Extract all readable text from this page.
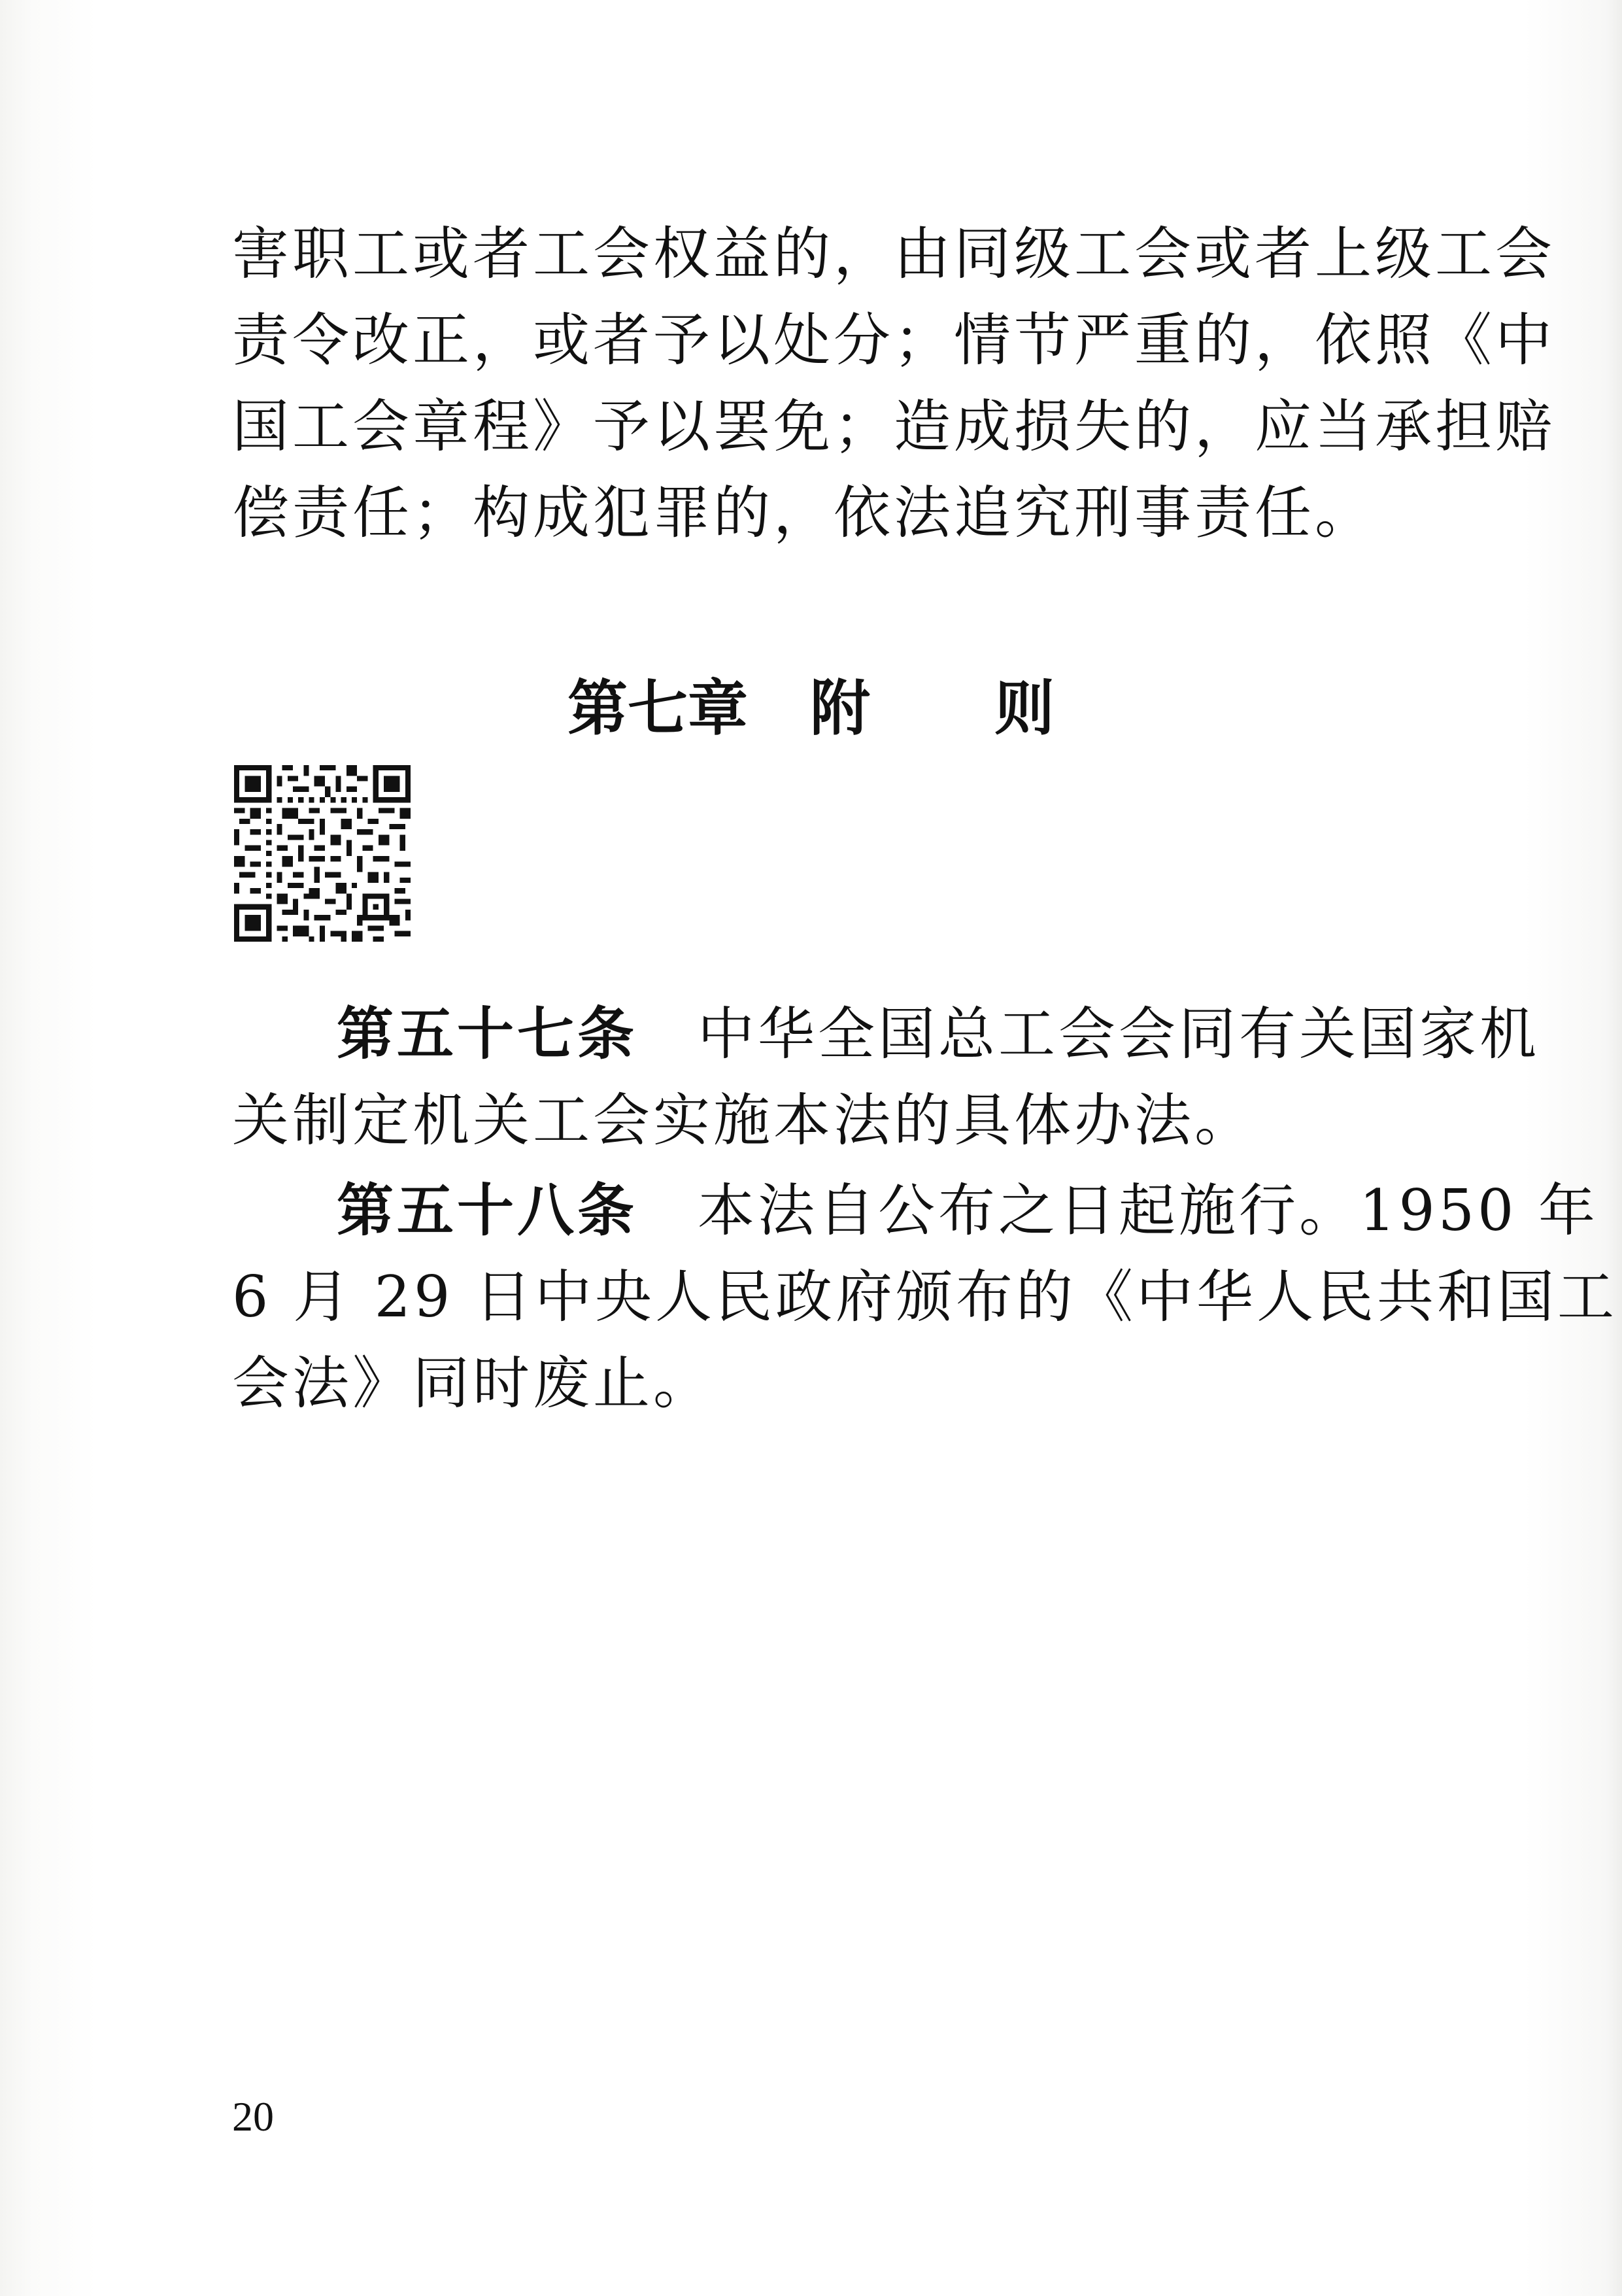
害职工或者工会权益的，由同级工会或者上级工会
责令改正，或者予以处分；情节严重的，依照《中
国工会章程》予以罢免；造成损失的，应当承担赔
偿责任；构成犯罪的，依法追究刑事责任。
第七章 附 则
第五十七条　 中华全国总工会会同有关国家机
关制定机关工会实施本法的具体办法。
第五十八条　 本法自公布之日起施行。1950 年
6 月 29 日中央人民政府颁布的《中华人民共和国工
会法》同时废止。
20
